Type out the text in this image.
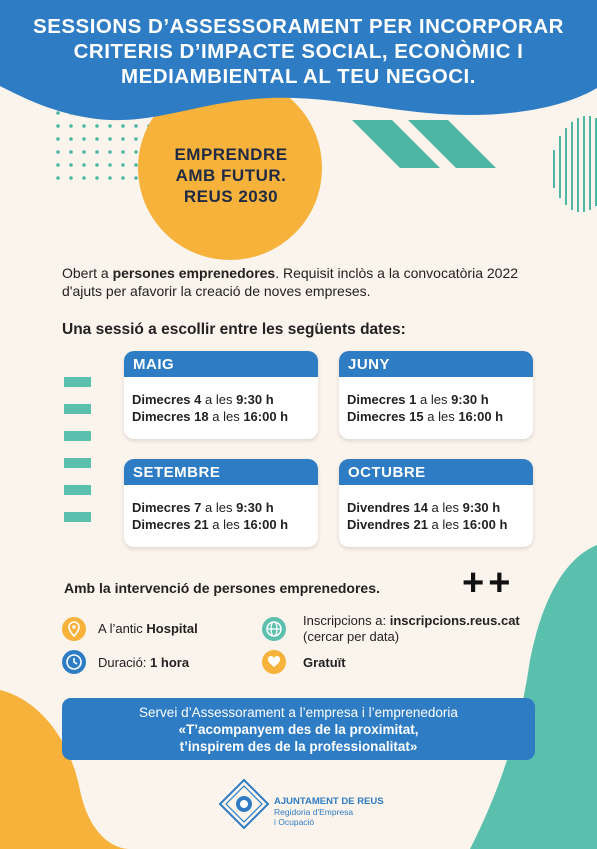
SESSIONS D’ASSESSORAMENT PER INCORPORAR
CRITERIS D’IMPACTE SOCIAL, ECONÒMIC I
MEDIAMBIENTAL AL TEU NEGOCI.
EMPRENDRE
AMB FUTUR.
REUS 2030
Obert a persones emprenedores. Requisit inclòs a la convocatòria 2022 d'ajuts per afavorir la creació de noves empreses.
Una sessió a escollir entre les següents dates:
MAIG
Dimecres 4 a les 9:30 h
Dimecres 18 a les 16:00 h
JUNY
Dimecres 1 a les 9:30 h
Dimecres 15 a les 16:00 h
SETEMBRE
Dimecres 7 a les 9:30 h
Dimecres 21 a les 16:00 h
OCTUBRE
Divendres 14 a les 9:30 h
Divendres 21 a les 16:00 h
Amb la intervenció de persones emprenedores. ++
A l’antic Hospital
Duració: 1 hora
Inscripcions a: inscripcions.reus.cat
(cercar per data)
Gratuït
Servei d’Assessorament a l’empresa i l’emprenedoria
«T’acompanyem des de la proximitat,
t’inspirem des de la professionalitat»
AJUNTAMENT DE REUS
Regidoria d'Empresa
i Ocupació
